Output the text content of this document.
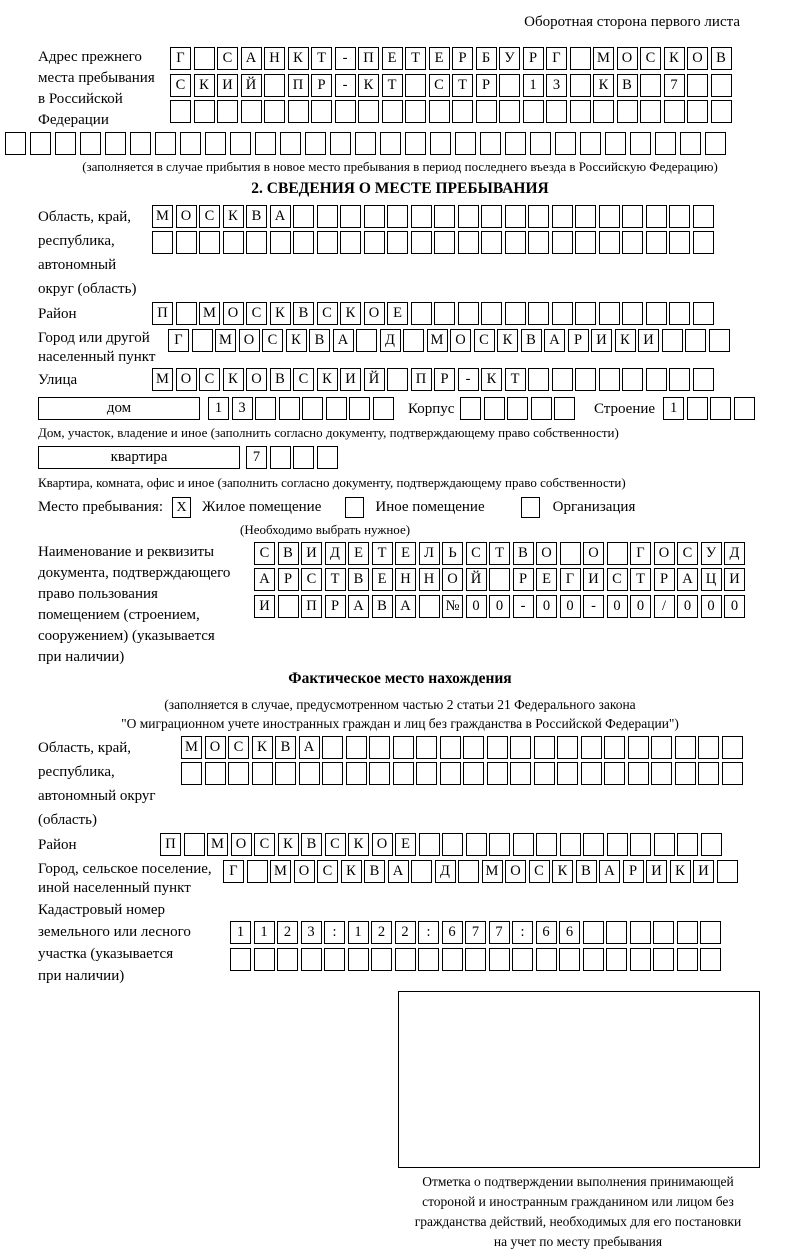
Оборотная сторона первого листа
Адрес прежнего
места пребывания
в Российской
Федерации
Г	С А Н К Т	-	П Е	Т	Е	Р	Б У Р	Г	М О С К О В
С К И Й	П Р	-	К Т	С Т	Р	1	3	К В	7
(заполняется в случае прибытия в новое место пребывания в период последнего въезда в Российскую Федерацию)
2. СВЕДЕНИЯ О МЕСТЕ ПРЕБЫВАНИЯ
Область, край,
республика,
автономный
округ (область)
М О С К В А
Район	П	М О С К В С К О Е
Город или другой
населенный пункт
Г	М О С К В А	Д	М О С К В А Р И К И
Улица	М О С К О В С К И Й	П Р	-	К Т
дом	1	3	Корпус	Строение	1
Дом, участок, владение и иное (заполнить согласно документу, подтверждающему право собственности)
квартира	7
Квартира, комната, офис и иное (заполнить согласно документу, подтверждающему право собственности)
Место пребывания: X Жилое помещение	Иное помещение	Организация
(Необходимо выбрать нужное)
Наименование и реквизиты
документа, подтверждающего
право пользования
помещением (строением,
сооружением) (указывается
при наличии)
С В И Д Е	Т	Е Л Ь	С Т В О	О	Г О С У Д
А Р	С Т В Е Н Н О Й	Р	Е	Г И С Т	Р А Ц И
И	П Р А В А	№ 0	0	-	0	0	-	0	0	/	0	0	0
Фактическое место нахождения
(заполняется в случае, предусмотренном частью 2 статьи 21 Федерального закона
"О миграционном учете иностранных граждан и лиц без гражданства в Российской Федерации")
Область, край,
республика,
автономный округ
(область)
М О С К В А
Район	П	М О С К В С К О Е
Город, сельское поселение,
иной населенный пункт
Г	М О С К В А	Д	М О С К В А Р И К И
Кадастровый номер
земельного или лесного
участка (указывается
при наличии)
1	1	2	3	:	1	2	2	:	6	7	7	:	6	6
Отметка о подтверждении выполнения принимающей
стороной и иностранным гражданином или лицом без
гражданства действий, необходимых для его постановки
на учет по месту пребывания
